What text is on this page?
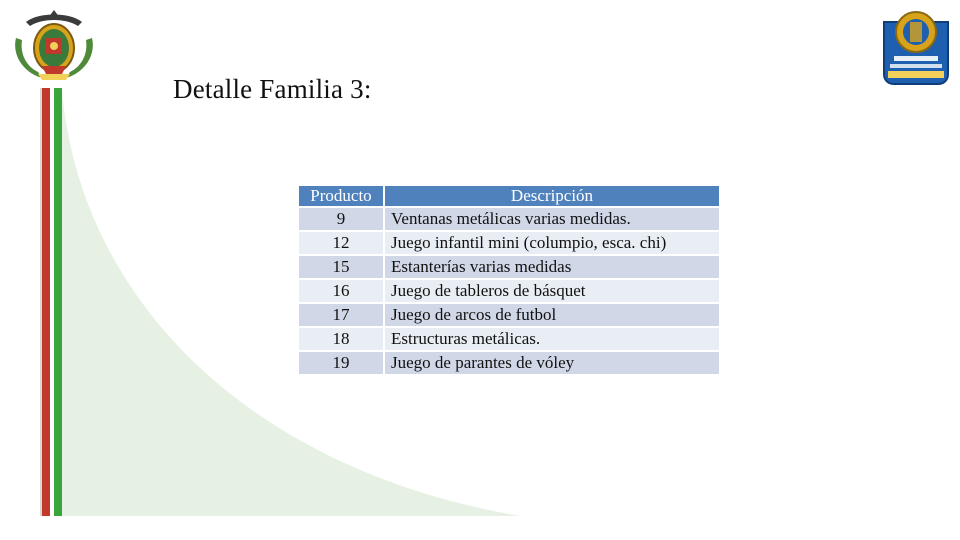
Detalle Familia 3:
Producto	Descripción
9	Ventanas metálicas varias medidas.
12	Juego infantil mini (columpio, esca. chi)
15	Estanterías varias medidas
16	Juego de tableros de básquet
17	Juego de arcos de futbol
18	Estructuras metálicas.
19	Juego de parantes de vóley
